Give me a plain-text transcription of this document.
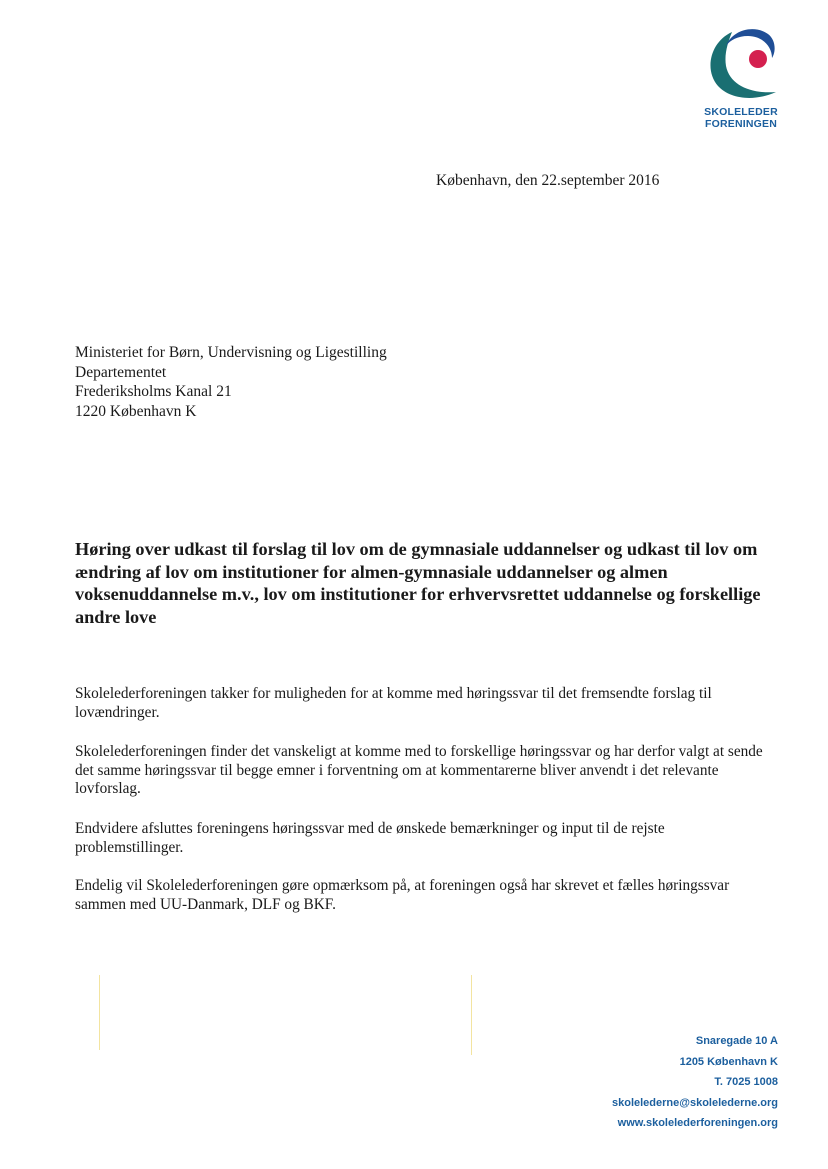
SKOLELEDER
FORENINGEN
København, den 22.september 2016
Ministeriet for Børn, Undervisning og Ligestilling
Departementet
Frederiksholms Kanal 21
1220 København K
Høring over udkast til forslag til lov om de gymnasiale uddannelser og udkast til lov om ændring af lov om institutioner for almen-gymnasiale uddannelser og almen voksenuddannelse m.v., lov om institutioner for erhvervsrettet uddannelse og forskellige andre love
Skolelederforeningen takker for muligheden for at komme med høringssvar til det fremsendte forslag til lovændringer.
Skolelederforeningen finder det vanskeligt at komme med to forskellige høringssvar og har derfor valgt at sende det samme høringssvar til begge emner i forventning om at kommentarerne bliver anvendt i det relevante lovforslag.
Endvidere afsluttes foreningens høringssvar med de ønskede bemærkninger og input til de rejste problemstillinger.
Endelig vil Skolelederforeningen gøre opmærksom på, at foreningen også har skrevet et fælles høringssvar sammen med UU-Danmark, DLF og BKF.
Snaregade 10 A
1205 København K
T. 7025 1008
skolelederne@skolelederne.org
www.skolelederforeningen.org
